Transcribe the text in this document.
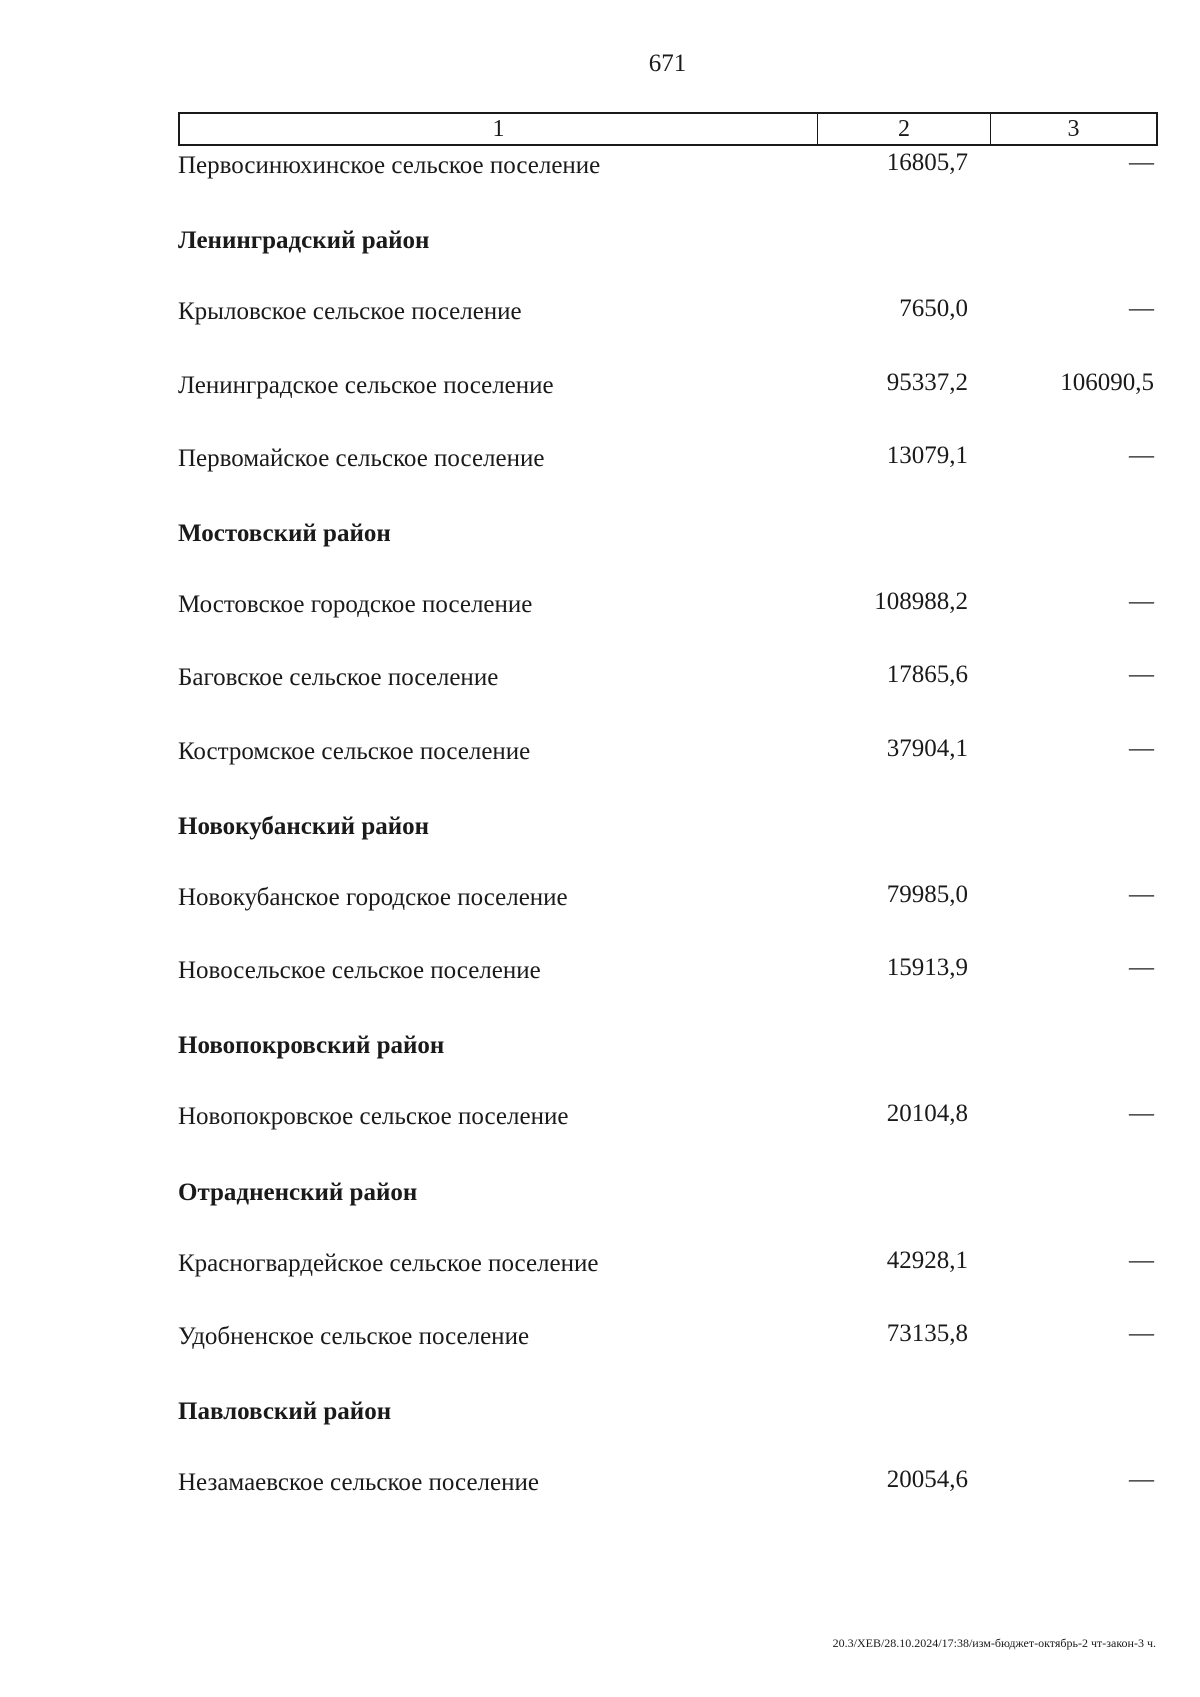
671
1	2	3
Первосинюхинское сельское поселение	16805,7	—
Ленинградский район
Крыловское сельское поселение	7650,0	—
Ленинградское сельское поселение	95337,2	106090,5
Первомайское сельское поселение	13079,1	—
Мостовский район
Мостовское городское поселение	108988,2	—
Баговское сельское поселение	17865,6	—
Костромское сельское поселение	37904,1	—
Новокубанский район
Новокубанское городское поселение	79985,0	—
Новосельское сельское поселение	15913,9	—
Новопокровский район
Новопокровское сельское поселение	20104,8	—
Отрадненский район
Красногвардейское сельское поселение	42928,1	—
Удобненское сельское поселение	73135,8	—
Павловский район
Незамаевское сельское поселение	20054,6	—
20.3/ХЕВ/28.10.2024/17:38/изм-бюджет-октябрь-2 чт-закон-3 ч.
